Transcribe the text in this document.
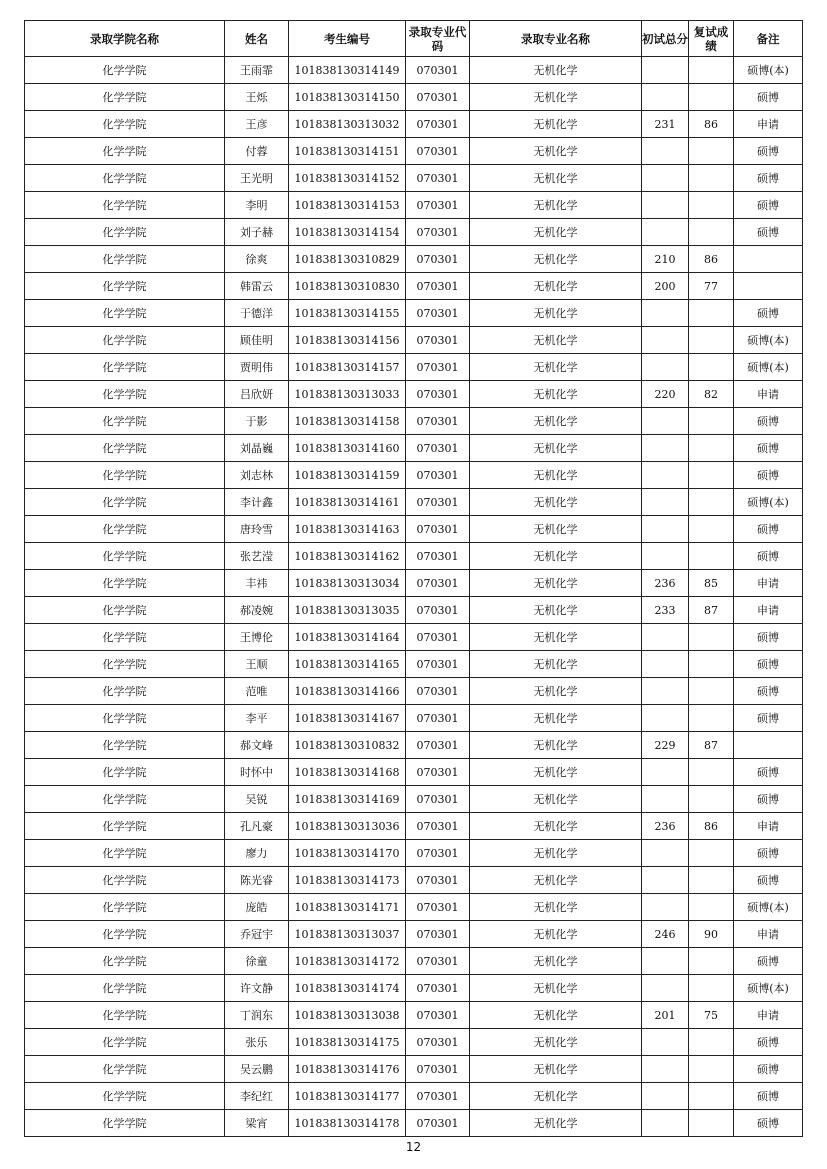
录取学院名称	姓名	考生编号	录取专业代码	录取专业名称	初试总分	复试成绩	备注
化学学院	王雨霏	101838130314149	070301	无机化学			硕博(本)
化学学院	王烁	101838130314150	070301	无机化学			硕博
化学学院	王彦	101838130313032	070301	无机化学	231	86	申请
化学学院	付蓉	101838130314151	070301	无机化学			硕博
化学学院	王光明	101838130314152	070301	无机化学			硕博
化学学院	李明	101838130314153	070301	无机化学			硕博
化学学院	刘子赫	101838130314154	070301	无机化学			硕博
化学学院	徐爽	101838130310829	070301	无机化学	210	86	
化学学院	韩雷云	101838130310830	070301	无机化学	200	77	
化学学院	于德洋	101838130314155	070301	无机化学			硕博
化学学院	顾佳明	101838130314156	070301	无机化学			硕博(本)
化学学院	贾明伟	101838130314157	070301	无机化学			硕博(本)
化学学院	吕欣妍	101838130313033	070301	无机化学	220	82	申请
化学学院	于影	101838130314158	070301	无机化学			硕博
化学学院	刘晶巍	101838130314160	070301	无机化学			硕博
化学学院	刘志林	101838130314159	070301	无机化学			硕博
化学学院	李计鑫	101838130314161	070301	无机化学			硕博(本)
化学学院	唐玲雪	101838130314163	070301	无机化学			硕博
化学学院	张艺滢	101838130314162	070301	无机化学			硕博
化学学院	丰祎	101838130313034	070301	无机化学	236	85	申请
化学学院	郝凌婉	101838130313035	070301	无机化学	233	87	申请
化学学院	王博伦	101838130314164	070301	无机化学			硕博
化学学院	王顺	101838130314165	070301	无机化学			硕博
化学学院	范唯	101838130314166	070301	无机化学			硕博
化学学院	李平	101838130314167	070301	无机化学			硕博
化学学院	郝文峰	101838130310832	070301	无机化学	229	87	
化学学院	时怀中	101838130314168	070301	无机化学			硕博
化学学院	吴锐	101838130314169	070301	无机化学			硕博
化学学院	孔凡豪	101838130313036	070301	无机化学	236	86	申请
化学学院	廖力	101838130314170	070301	无机化学			硕博
化学学院	陈光睿	101838130314173	070301	无机化学			硕博
化学学院	庞皓	101838130314171	070301	无机化学			硕博(本)
化学学院	乔冠宇	101838130313037	070301	无机化学	246	90	申请
化学学院	徐童	101838130314172	070301	无机化学			硕博
化学学院	许文静	101838130314174	070301	无机化学			硕博(本)
化学学院	丁润东	101838130313038	070301	无机化学	201	75	申请
化学学院	张乐	101838130314175	070301	无机化学			硕博
化学学院	吴云鹏	101838130314176	070301	无机化学			硕博
化学学院	李纪红	101838130314177	070301	无机化学			硕博
化学学院	梁宵	101838130314178	070301	无机化学			硕博
12
